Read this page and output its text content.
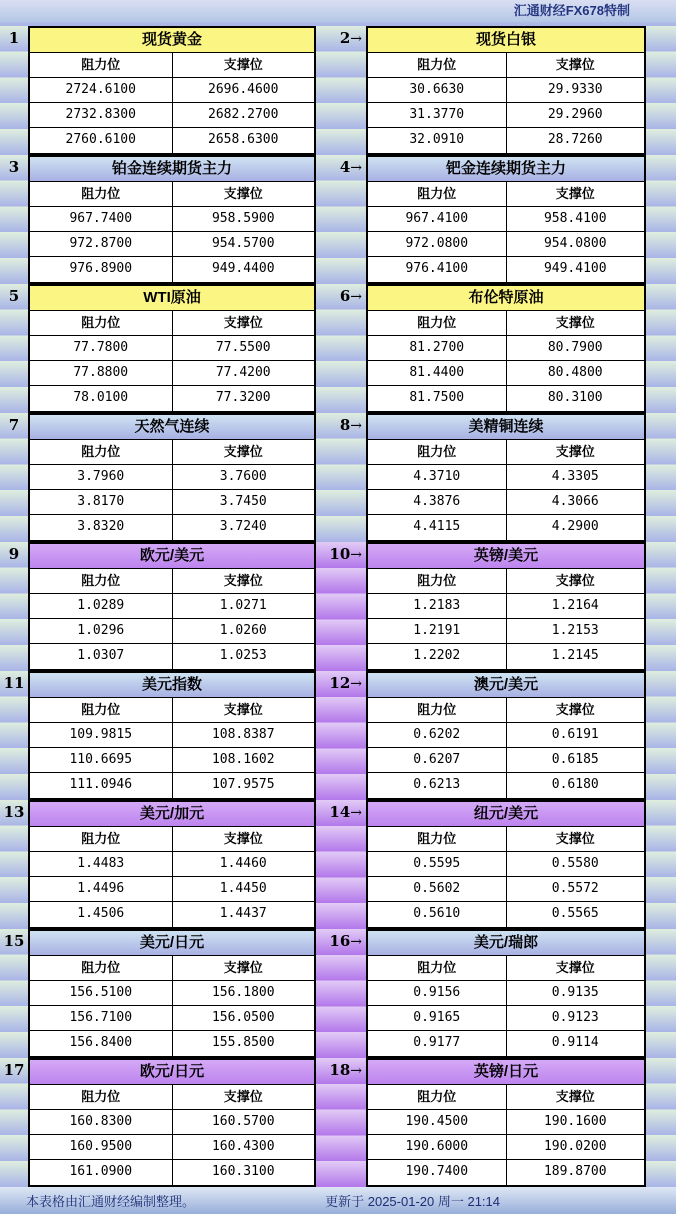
汇通财经FX678特制
1	现货黄金
阻力位	支撑位
2724.6100	2696.4600
2732.8300	2682.2700
2760.6100	2658.6300
2→	现货白银
阻力位	支撑位
30.6630	29.9330
31.3770	29.2960
32.0910	28.7260
3	铂金连续期货主力
阻力位	支撑位
967.7400	958.5900
972.8700	954.5700
976.8900	949.4400
4→	钯金连续期货主力
阻力位	支撑位
967.4100	958.4100
972.0800	954.0800
976.4100	949.4100
5	WTI原油
阻力位	支撑位
77.7800	77.5500
77.8800	77.4200
78.0100	77.3200
6→	布伦特原油
阻力位	支撑位
81.2700	80.7900
81.4400	80.4800
81.7500	80.3100
7	天然气连续
阻力位	支撑位
3.7960	3.7600
3.8170	3.7450
3.8320	3.7240
8→	美精铜连续
阻力位	支撑位
4.3710	4.3305
4.3876	4.3066
4.4115	4.2900
9	欧元/美元
阻力位	支撑位
1.0289	1.0271
1.0296	1.0260
1.0307	1.0253
10→	英镑/美元
阻力位	支撑位
1.2183	1.2164
1.2191	1.2153
1.2202	1.2145
11	美元指数
阻力位	支撑位
109.9815	108.8387
110.6695	108.1602
111.0946	107.9575
12→	澳元/美元
阻力位	支撑位
0.6202	0.6191
0.6207	0.6185
0.6213	0.6180
13	美元/加元
阻力位	支撑位
1.4483	1.4460
1.4496	1.4450
1.4506	1.4437
14→	纽元/美元
阻力位	支撑位
0.5595	0.5580
0.5602	0.5572
0.5610	0.5565
15	美元/日元
阻力位	支撑位
156.5100	156.1800
156.7100	156.0500
156.8400	155.8500
16→	美元/瑞郎
阻力位	支撑位
0.9156	0.9135
0.9165	0.9123
0.9177	0.9114
17	欧元/日元
阻力位	支撑位
160.8300	160.5700
160.9500	160.4300
161.0900	160.3100
18→	英镑/日元
阻力位	支撑位
190.4500	190.1600
190.6000	190.0200
190.7400	189.8700
本表格由汇通财经编制整理。	更新于 2025-01-20 周一 21:14
